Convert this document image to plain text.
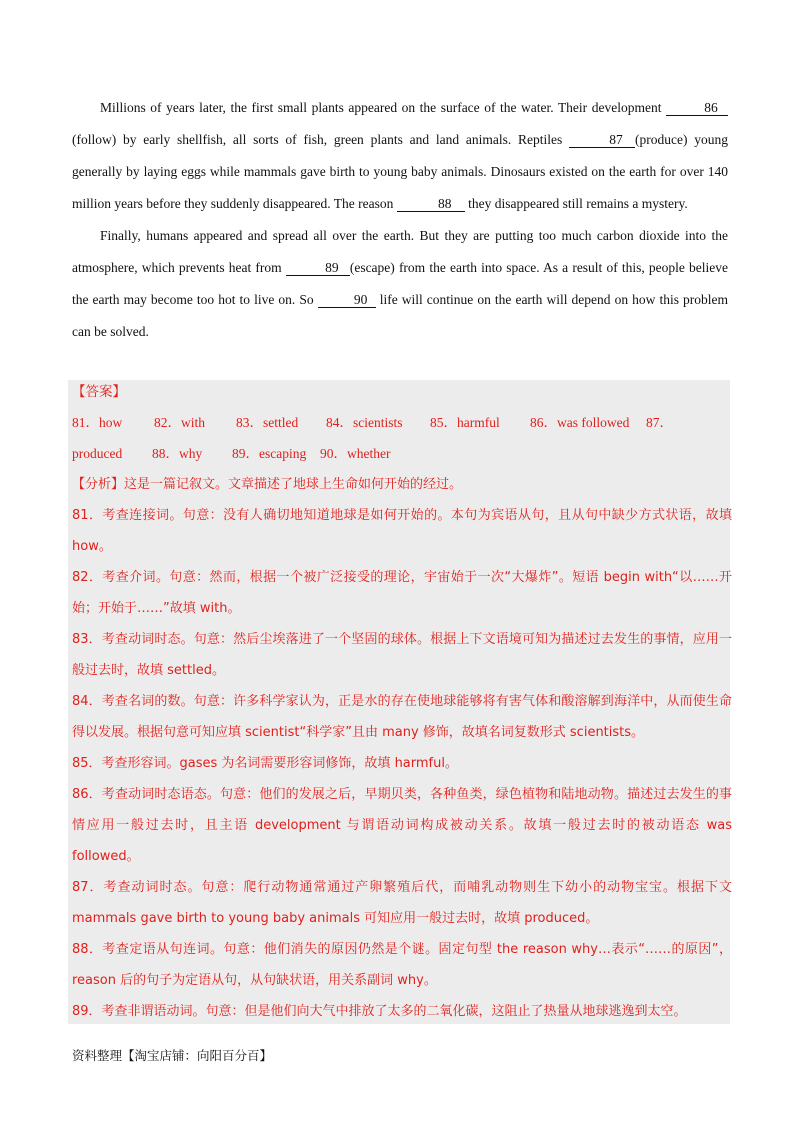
Millions of years later, the first small plants appeared on the surface of the water. Their development	86 (follow) by early shellfish, all sorts of fish, green plants and land animals. Reptiles	87 (produce) young generally by laying eggs while mammals gave birth to young baby animals. Dinosaurs existed on the earth for over 140 million years before they suddenly disappeared. The reason	88 they disappeared still remains a mystery.

Finally, humans appeared and spread all over the earth. But they are putting too much carbon dioxide into the atmosphere, which prevents heat from	89 (escape) from the earth into space. As a result of this, people believe the earth may become too hot to live on. So	90 life will continue on the earth will depend on how this problem can be solved.

【答案】
81．how 82．with 83．settled 84．scientists 85．harmful 86．was followed 87．
produced 88．why 89．escaping 90．whether
【分析】这是一篇记叙文。文章描述了地球上生命如何开始的经过。

81．考查连接词。句意：没有人确切地知道地球是如何开始的。本句为宾语从句，且从句中缺少方式状语，故填 how。

82．考查介词。句意：然而，根据一个被广泛接受的理论，宇宙始于一次“大爆炸”。短语 begin with“以……开始；开始于……”故填 with。

83．考查动词时态。句意：然后尘埃落进了一个坚固的球体。根据上下文语境可知为描述过去发生的事情，应用一般过去时，故填 settled。

84．考查名词的数。句意：许多科学家认为，正是水的存在使地球能够将有害气体和酸溶解到海洋中，从而使生命得以发展。根据句意可知应填 scientist“科学家”且由 many 修饰，故填名词复数形式 scientists。

85．考查形容词。gases 为名词需要形容词修饰，故填 harmful。

86．考查动词时态语态。句意：他们的发展之后，早期贝类，各种鱼类，绿色植物和陆地动物。描述过去发生的事情应用一般过去时，且主语 development 与谓语动词构成被动关系。故填一般过去时的被动语态 was followed。

87．考查动词时态。句意：爬行动物通常通过产卵繁殖后代，而哺乳动物则生下幼小的动物宝宝。根据下文 mammals gave birth to young baby animals 可知应用一般过去时，故填 produced。

88．考查定语从句连词。句意：他们消失的原因仍然是个谜。固定句型 the reason why…表示“……的原因”，reason 后的句子为定语从句，从句缺状语，用关系副词 why。

89．考查非谓语动词。句意：但是他们向大气中排放了太多的二氧化碳，这阻止了热量从地球逃逸到太空。

资料整理【淘宝店铺：向阳百分百】
